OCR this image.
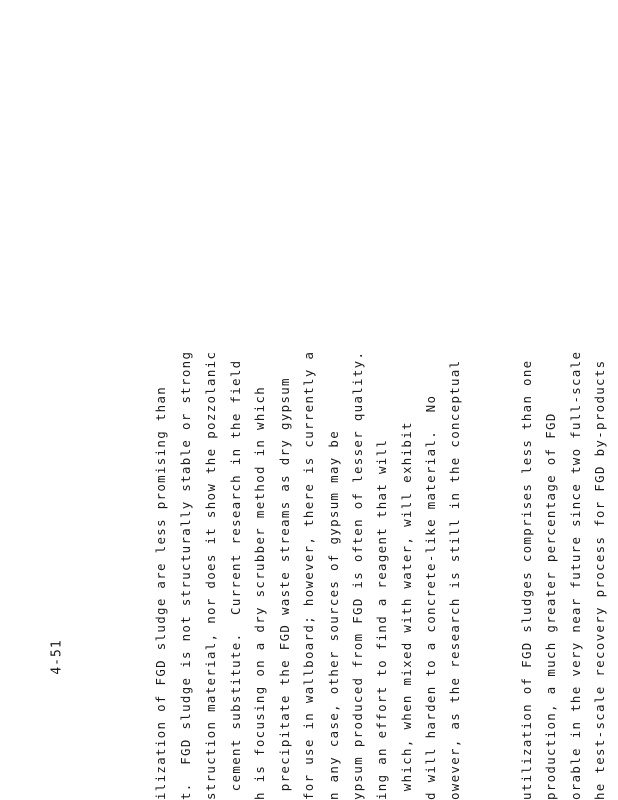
4-51	ilization of FGD sludge are less promising than t.  FGD sludge is not structurally stable or strong struction material, nor does it show the pozzolanic cement substitute.  Current research in the field h is focusing on a dry scrubber method in which precipitate the FGD waste streams as dry gypsum for use in wallboard; however, there is currently a n any case, other sources of gypsum may be ypsum produced from FGD is often of lesser quality. ing an effort to find a reagent that will which, when mixed with water, will exhibit d will harden to a concrete-like material.  No owever, as the research is still in the conceptual	utilization of FGD sludges comprises less than one production, a much greater percentage of FGD orable in the very near future since two full-scale he test-scale recovery process for FGD by-products
